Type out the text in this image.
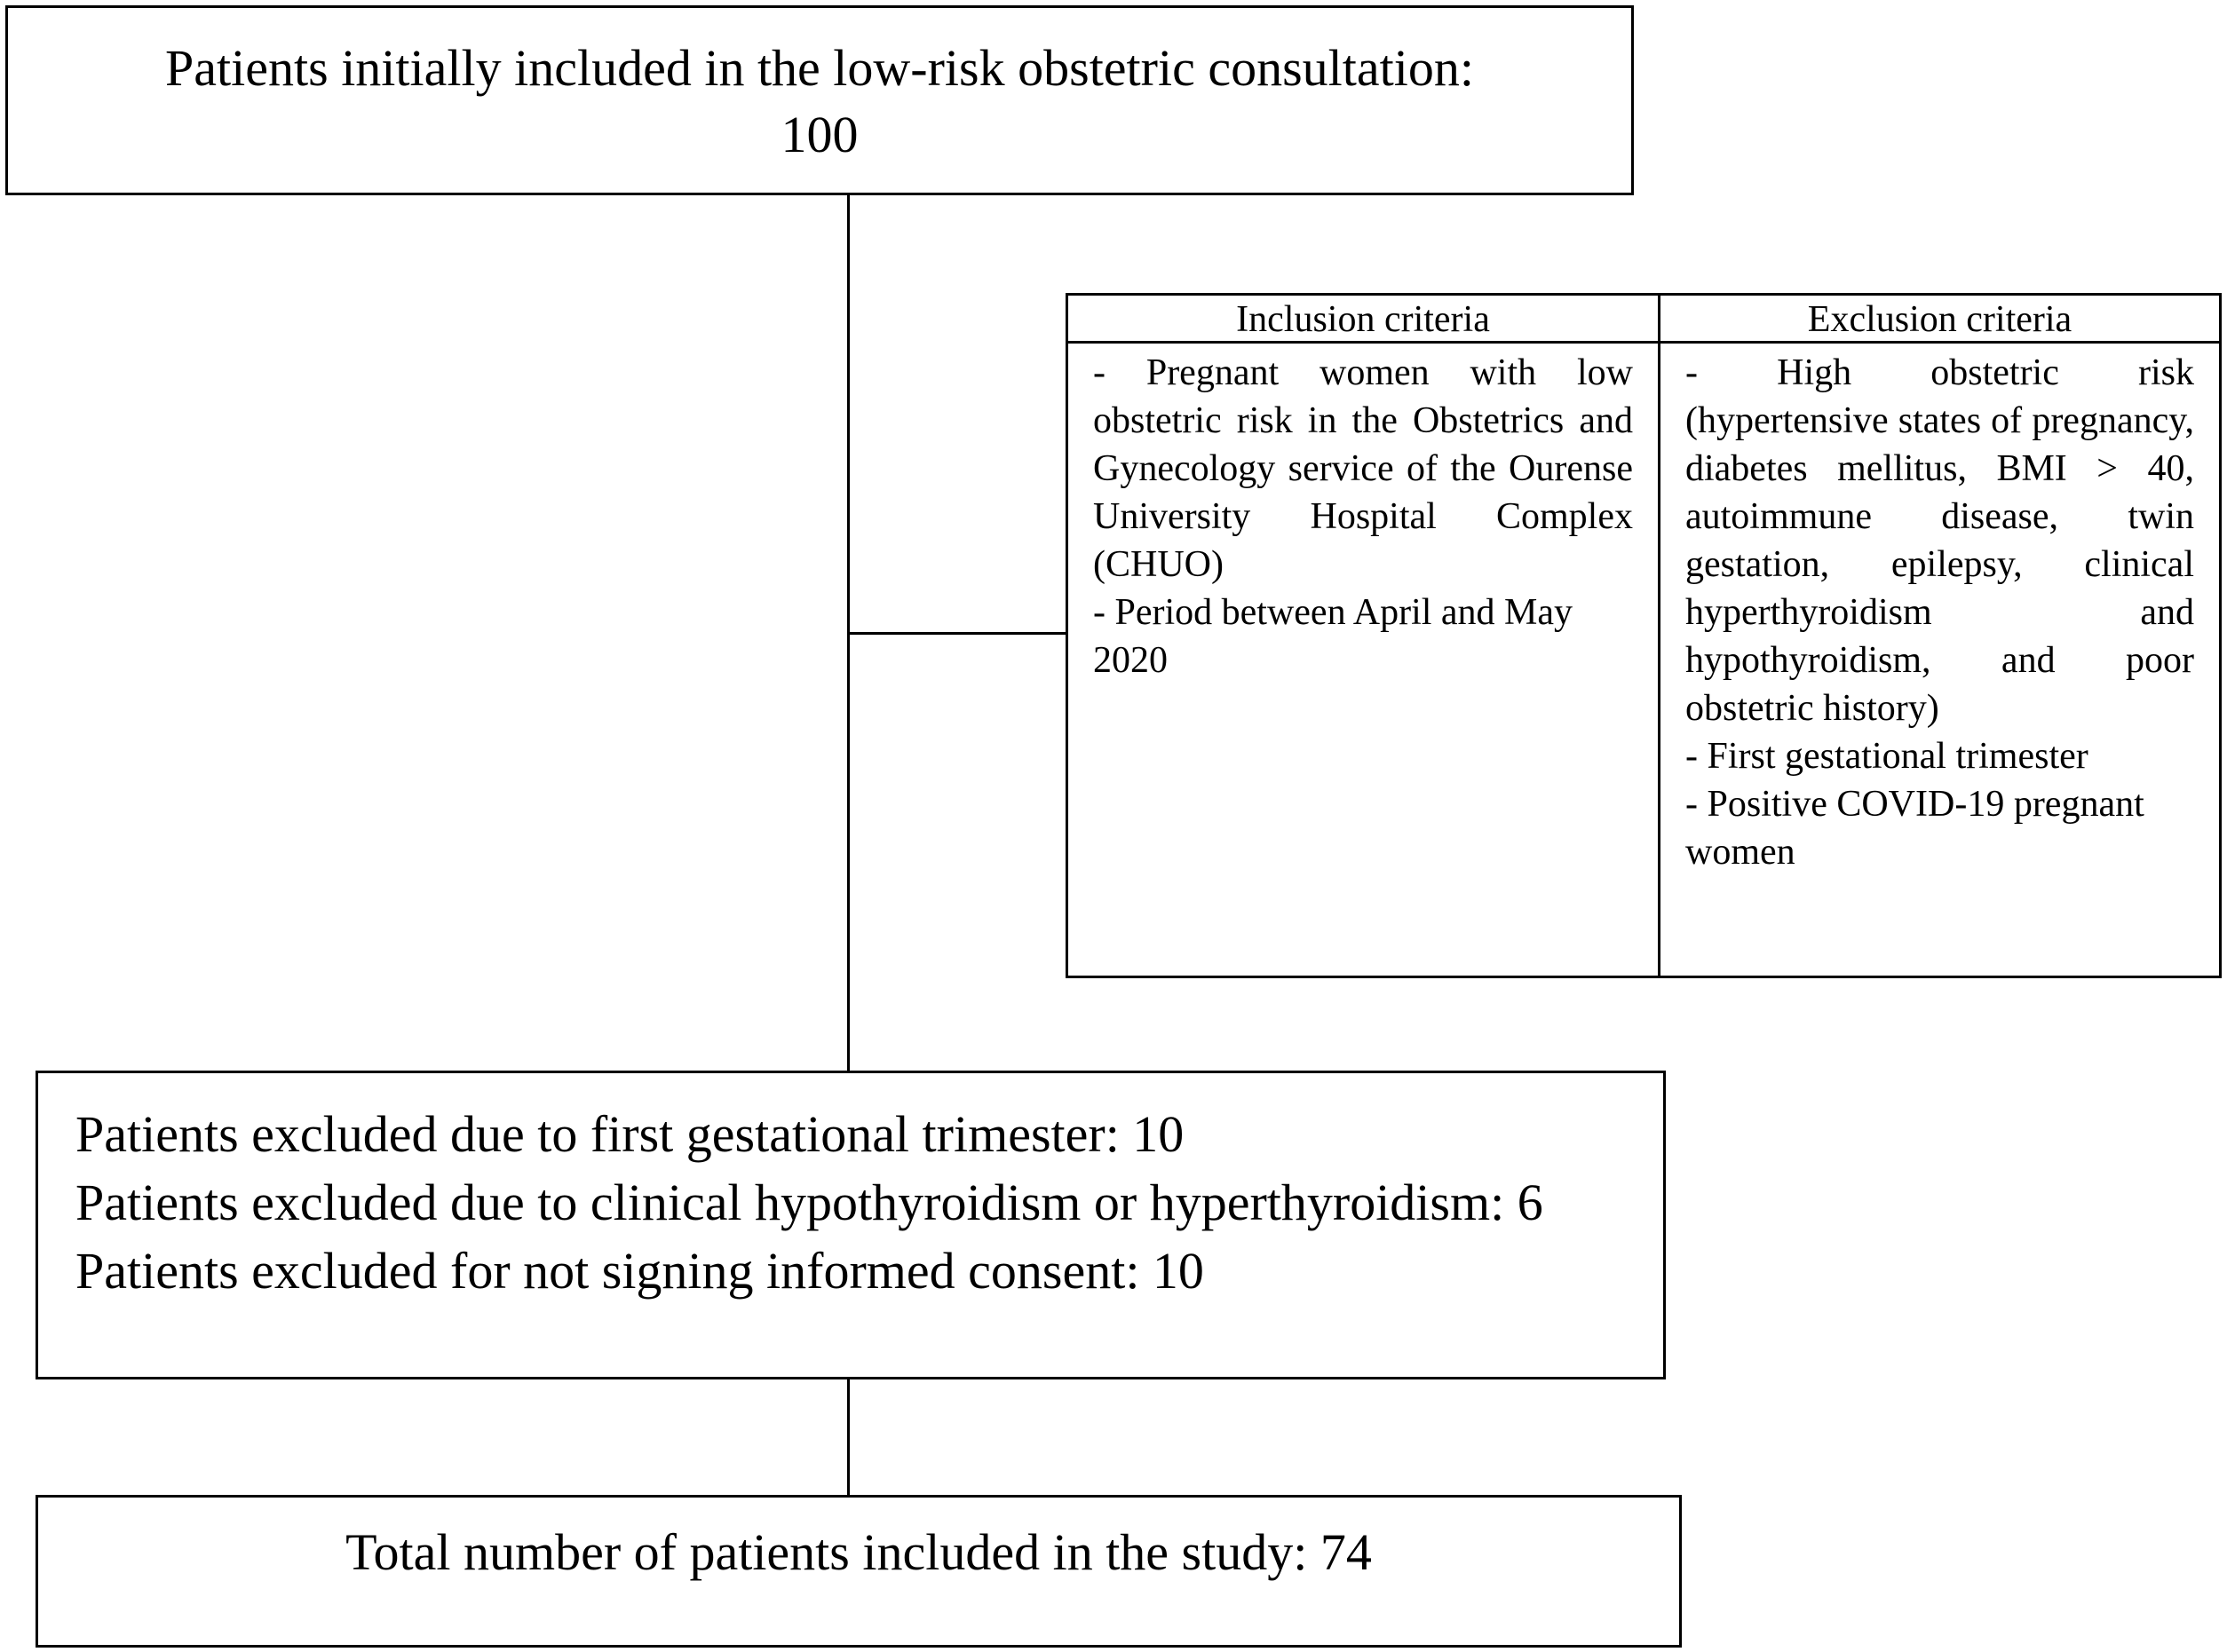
Patients initially included in the low-risk obstetric consultation:
100
Inclusion criteria

- Pregnant women with low obstetric risk in the Obstetrics and Gynecology service of the Ourense University Hospital Complex (CHUO)

- Period between April and May 2020

Exclusion criteria

- High obstetric risk (hypertensive states of pregnancy, diabetes mellitus, BMI > 40, autoimmune disease, twin gestation, epilepsy, clinical hyperthyroidism and hypothyroidism, and poor obstetric history)

- First gestational trimester

- Positive COVID-19 pregnant women

Patients excluded due to first gestational trimester: 10

Patients excluded due to clinical hypothyroidism or hyperthyroidism: 6

Patients excluded for not signing informed consent: 10

Total number of patients included in the study: 74
